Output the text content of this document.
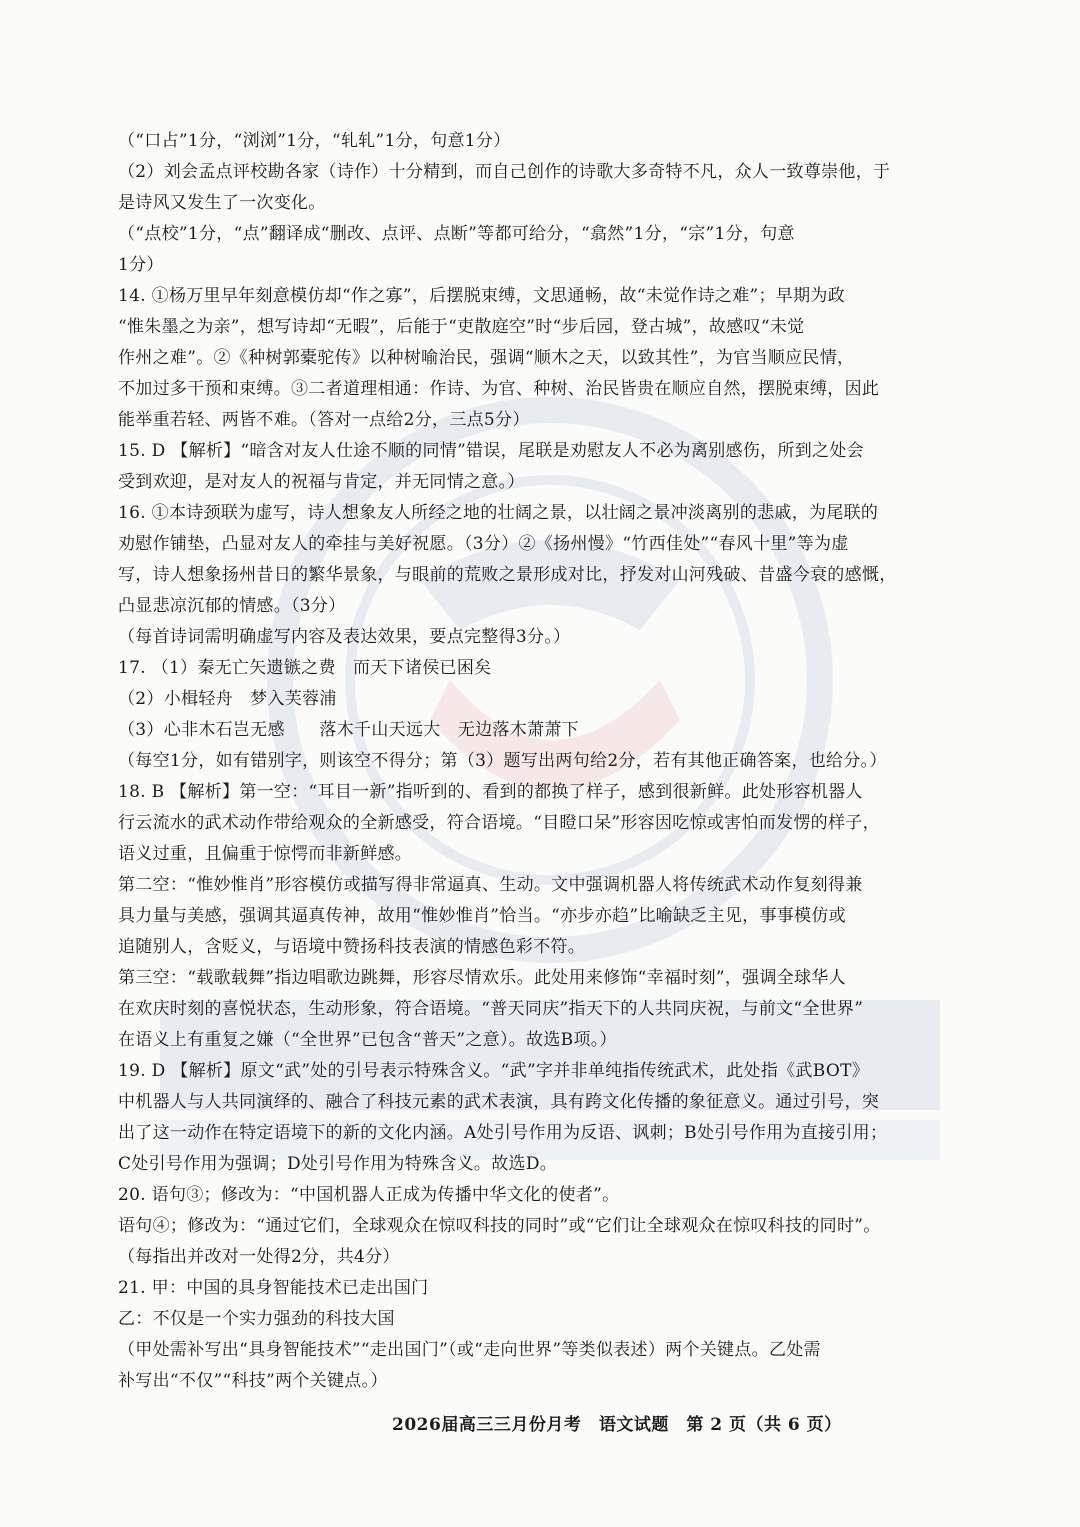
（“口占”1分，“浏浏”1分，“轧轧”1分，句意1分）

（2）刘会孟点评校勘各家（诗作）十分精到，而自己创作的诗歌大多奇特不凡，众人一致尊崇他，于

是诗风又发生了一次变化。

（“点校”1分，“点”翻译成“删改、点评、点断”等都可给分，“翕然”1分，“宗”1分，句意

1分）

14. ①杨万里早年刻意模仿却“作之寡”，后摆脱束缚，文思通畅，故“未觉作诗之难”；早期为政

“惟朱墨之为亲”，想写诗却“无暇”，后能于“吏散庭空”时“步后园，登古城”，故感叹“未觉

作州之难”。②《种树郭橐驼传》以种树喻治民，强调“顺木之天，以致其性”，为官当顺应民情，

不加过多干预和束缚。③二者道理相通：作诗、为官、种树、治民皆贵在顺应自然，摆脱束缚，因此

能举重若轻、两皆不难。（答对一点给2分，三点5分）

15. D 【解析】“暗含对友人仕途不顺的同情”错误，尾联是劝慰友人不必为离别感伤，所到之处会

受到欢迎，是对友人的祝福与肯定，并无同情之意。）

16. ①本诗颈联为虚写，诗人想象友人所经之地的壮阔之景，以壮阔之景冲淡离别的悲戚，为尾联的

劝慰作铺垫，凸显对友人的牵挂与美好祝愿。（3分）②《扬州慢》“竹西佳处”“春风十里”等为虚

写，诗人想象扬州昔日的繁华景象，与眼前的荒败之景形成对比，抒发对山河残破、昔盛今衰的感慨，

凸显悲凉沉郁的情感。（3分）

（每首诗词需明确虚写内容及表达效果，要点完整得3分。）

17. （1）秦无亡矢遗镞之费　而天下诸侯已困矣

（2）小楫轻舟　梦入芙蓉浦

（3）心非木石岂无感　　落木千山天远大　无边落木萧萧下

（每空1分，如有错别字，则该空不得分；第（3）题写出两句给2分，若有其他正确答案，也给分。）

18. B 【解析】第一空：“耳目一新”指听到的、看到的都换了样子，感到很新鲜。此处形容机器人

行云流水的武术动作带给观众的全新感受，符合语境。“目瞪口呆”形容因吃惊或害怕而发愣的样子，

语义过重，且偏重于惊愕而非新鲜感。

第二空：“惟妙惟肖”形容模仿或描写得非常逼真、生动。文中强调机器人将传统武术动作复刻得兼

具力量与美感，强调其逼真传神，故用“惟妙惟肖”恰当。“亦步亦趋”比喻缺乏主见，事事模仿或

追随别人，含贬义，与语境中赞扬科技表演的情感色彩不符。

第三空：“载歌载舞”指边唱歌边跳舞，形容尽情欢乐。此处用来修饰“幸福时刻”，强调全球华人

在欢庆时刻的喜悦状态，生动形象，符合语境。“普天同庆”指天下的人共同庆祝，与前文“全世界”

在语义上有重复之嫌（“全世界”已包含“普天”之意）。故选B项。）

19. D 【解析】原文“武”处的引号表示特殊含义。“武”字并非单纯指传统武术，此处指《武BOT》

中机器人与人共同演绎的、融合了科技元素的武术表演，具有跨文化传播的象征意义。通过引号，突

出了这一动作在特定语境下的新的文化内涵。A处引号作用为反语、讽刺；B处引号作用为直接引用；

C处引号作用为强调；D处引号作用为特殊含义。故选D。

20. 语句③；修改为：“中国机器人正成为传播中华文化的使者”。

语句④；修改为：“通过它们，全球观众在惊叹科技的同时”或“它们让全球观众在惊叹科技的同时”。

（每指出并改对一处得2分，共4分）

21. 甲：中国的具身智能技术已走出国门

乙：不仅是一个实力强劲的科技大国

（甲处需补写出“具身智能技术”“走出国门”（或“走向世界”等类似表述）两个关键点。乙处需

补写出“不仅”“科技”两个关键点。）

2026届高三三月份月考　语文试题　第 2 页（共 6 页）
